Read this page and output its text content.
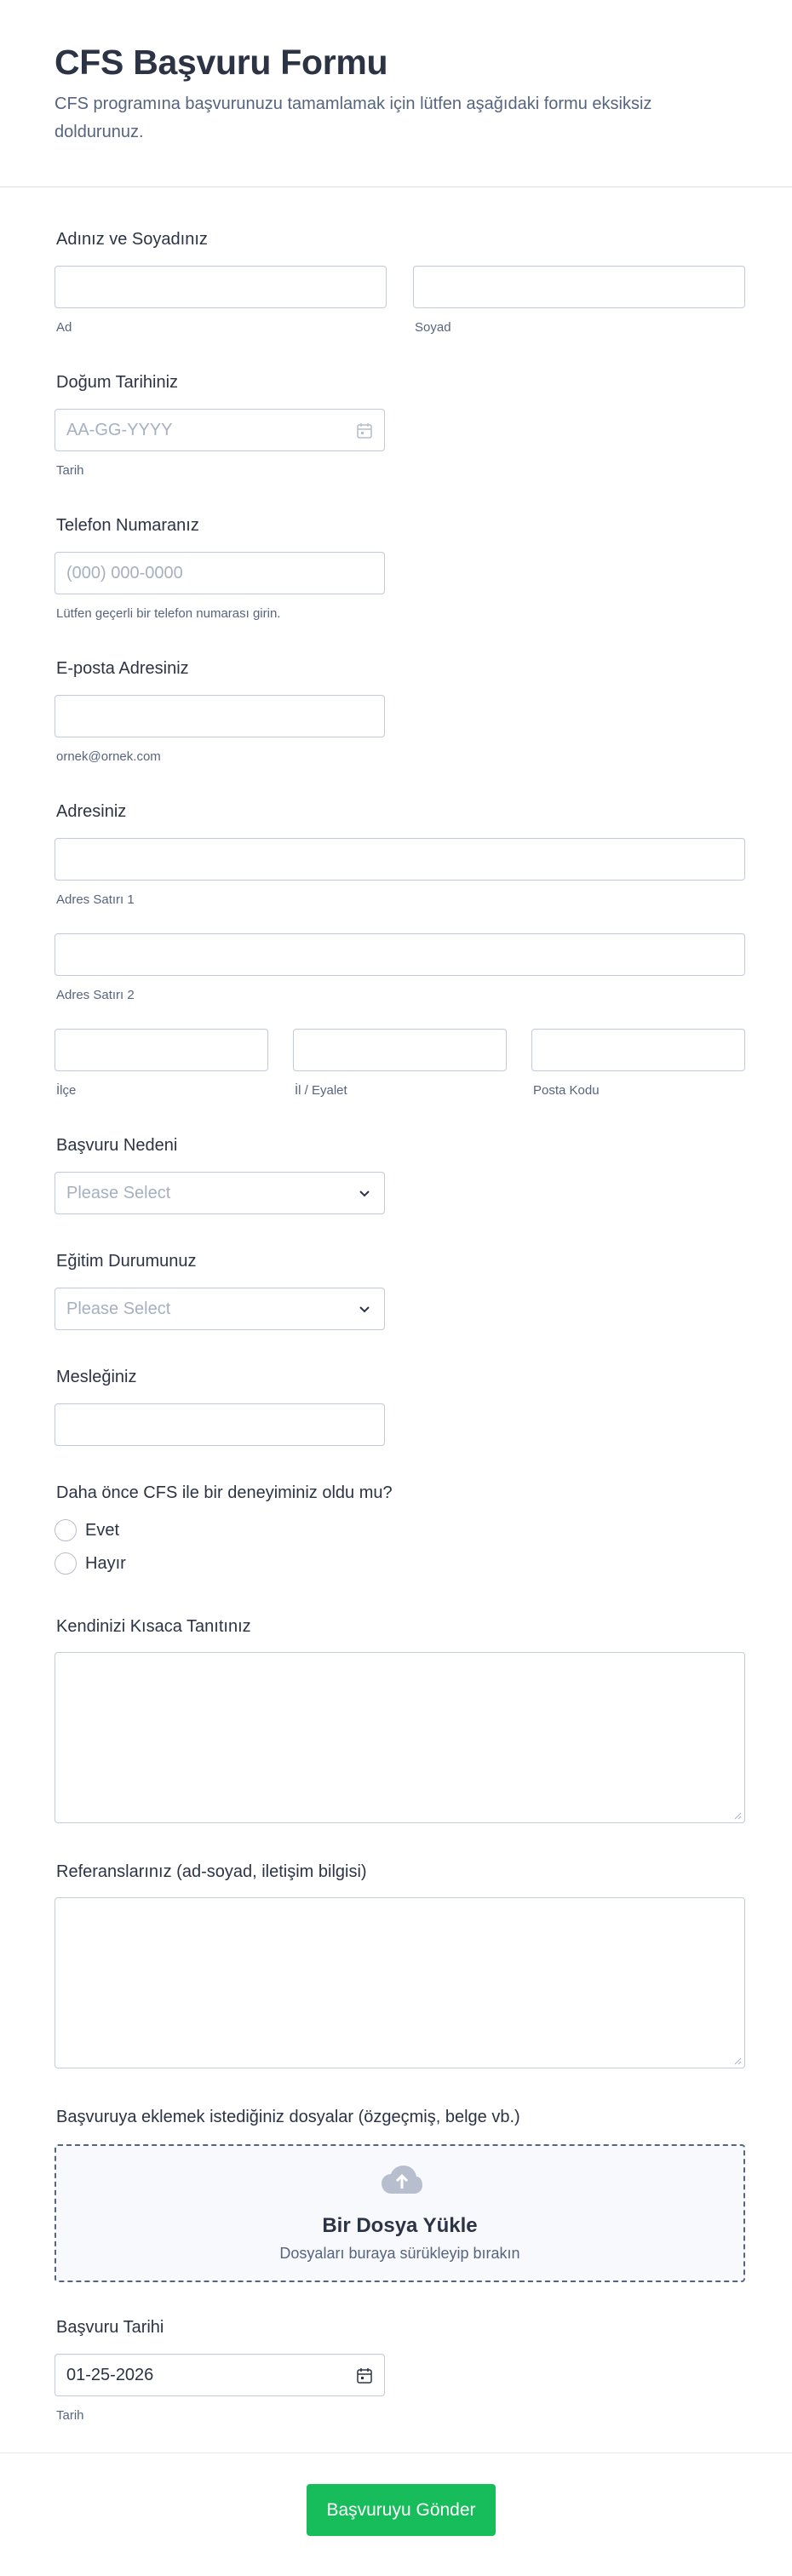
CFS Başvuru Formu
CFS programına başvurunuzu tamamlamak için lütfen aşağıdaki formu eksiksiz doldurunuz.
Adınız ve Soyadınız
Ad	Soyad
Doğum Tarihiniz
AA-GG-YYYY
Tarih
Telefon Numaranız
(000) 000-0000
Lütfen geçerli bir telefon numarası girin.
E-posta Adresiniz
ornek@ornek.com
Adresiniz
Adres Satırı 1
Adres Satırı 2
İlçe	İl / Eyalet	Posta Kodu
Başvuru Nedeni
Please Select
Eğitim Durumunuz
Please Select
Mesleğiniz
Daha önce CFS ile bir deneyiminiz oldu mu?
Evet
Hayır
Kendinizi Kısaca Tanıtınız
Referanslarınız (ad-soyad, iletişim bilgisi)
Başvuruya eklemek istediğiniz dosyalar (özgeçmiş, belge vb.)
Bir Dosya Yükle
Dosyaları buraya sürükleyip bırakın
Başvuru Tarihi
01-25-2026
Tarih
Başvuruyu Gönder
